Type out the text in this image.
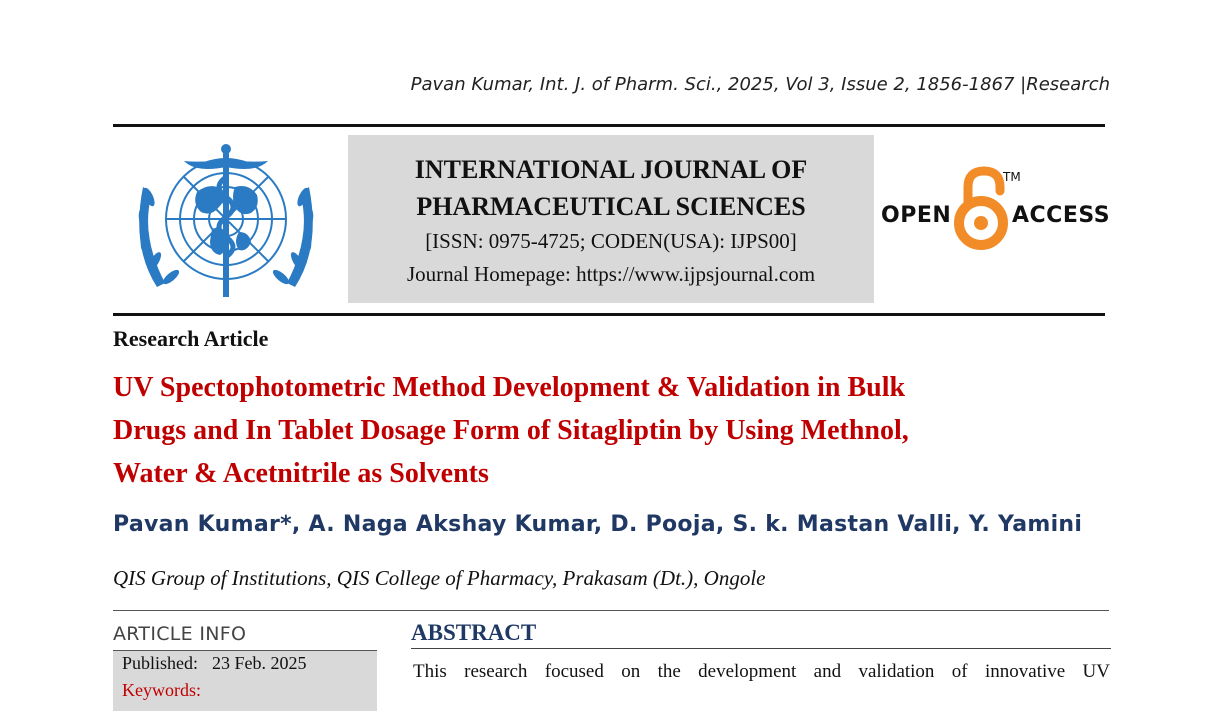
Pavan Kumar, Int. J. of Pharm. Sci., 2025, Vol 3, Issue 2, 1856-1867 |Research
INTERNATIONAL JOURNAL OF
PHARMACEUTICAL SCIENCES
[ISSN: 0975-4725; CODEN(USA): IJPS00]
Journal Homepage: https://www.ijpsjournal.com
OPEN
TM
ACCESS
Research Article
UV Spectophotometric Method Development & Validation in Bulk
Drugs and In Tablet Dosage Form of Sitagliptin by Using Methnol,
Water & Acetnitrile as Solvents
Pavan Kumar*, A. Naga Akshay Kumar, D. Pooja, S. k. Mastan Valli, Y. Yamini
QIS Group of Institutions, QIS College of Pharmacy, Prakasam (Dt.), Ongole
ARTICLE INFO
Published: 23 Feb. 2025
Keywords:
ABSTRACT
This research focused on the development and validation of innovative UV
